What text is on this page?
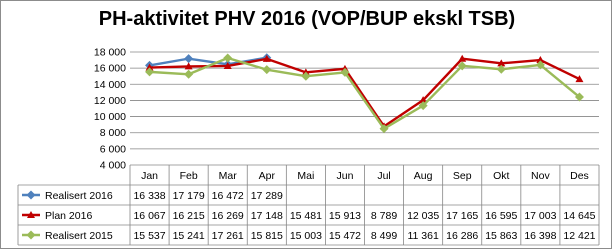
PH-aktivitet PHV 2016 (VOP/BUP ekskl TSB)
4 000
6 000
8 000
10 000
12 000
14 000
16 000
18 000
Jan Feb Mar Apr Mai Jun Jul Aug Sep Okt Nov Des
Realisert 2016 16 338 17 179 16 472 17 289
Plan 2016	16 067 16 215 16 269 17 148 15 481 15 913 8 789 12 035 17 165 16 595 17 003 14 645
Realisert 2015 15 537 15 241 17 261 15 815 15 003 15 472 8 499 11 361 16 286 15 863 16 398 12 421
